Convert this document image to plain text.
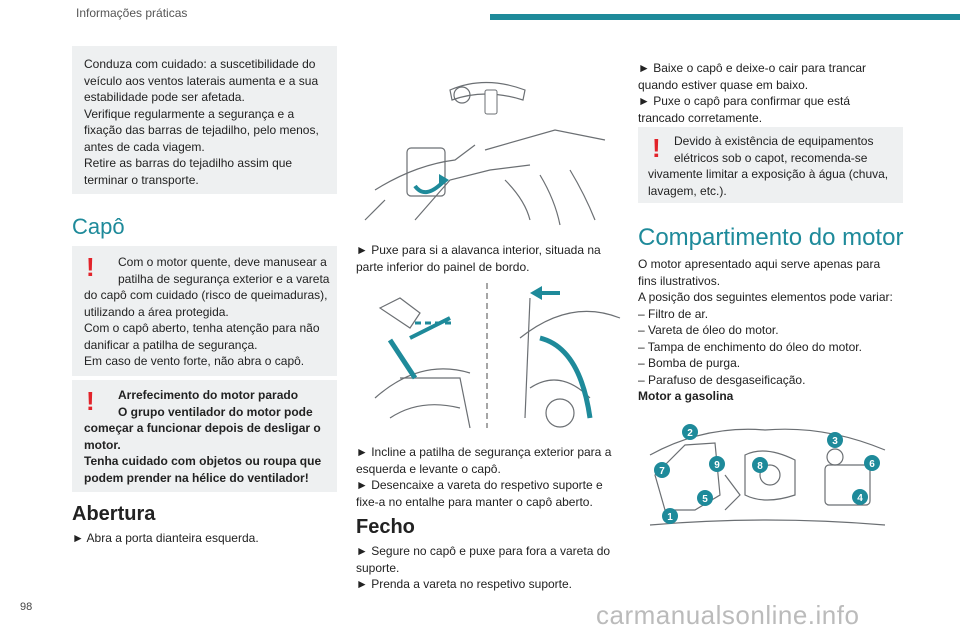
Informações práticas

Conduza com cuidado: a suscetibilidade do

veículo aos ventos laterais aumenta e a sua

estabilidade pode ser afetada.

Verifique regularmente a segurança e a

fixação das barras de tejadilho, pelo menos,

antes de cada viagem.

Retire as barras do tejadilho assim que

terminar o transporte.

Capô
! Com o motor quente, deve manusear a

patilha de segurança exterior e a vareta

do capô com cuidado (risco de queimaduras),

utilizando a área protegida.

Com o capô aberto, tenha atenção para não

danificar a patilha de segurança.

Em caso de vento forte, não abra o capô.

! Arrefecimento do motor parado

O grupo ventilador do motor pode

começar a funcionar depois de desligar o

motor.

Tenha cuidado com objetos ou roupa que

podem prender na hélice do ventilador!

Abertura

► Abra a porta dianteira esquerda.

► Puxe para si a alavanca interior, situada na

parte inferior do painel de bordo.

► Incline a patilha de segurança exterior para a

esquerda e levante o capô.

► Desencaixe a vareta do respetivo suporte e

fixe-a no entalhe para manter o capô aberto.

Fecho

► Segure no capô e puxe para fora a vareta do

suporte.

► Prenda a vareta no respetivo suporte.

► Baixe o capô e deixe-o cair para trancar

quando estiver quase em baixo.

► Puxe o capô para confirmar que está

trancado corretamente.

! Devido à existência de equipamentos

elétricos sob o capot, recomenda-se

vivamente limitar a exposição à água (chuva,

lavagem, etc.).

Compartimento do motor

O motor apresentado aqui serve apenas para

fins ilustrativos.

A posição dos seguintes elementos pode variar:

– Filtro de ar.

– Vareta de óleo do motor.

– Tampa de enchimento do óleo do motor.

– Bomba de purga.

– Parafuso de desgaseificação.

Motor a gasolina

2
3
7
9	8	6
5	4
1
98	carmanualsonline.info
